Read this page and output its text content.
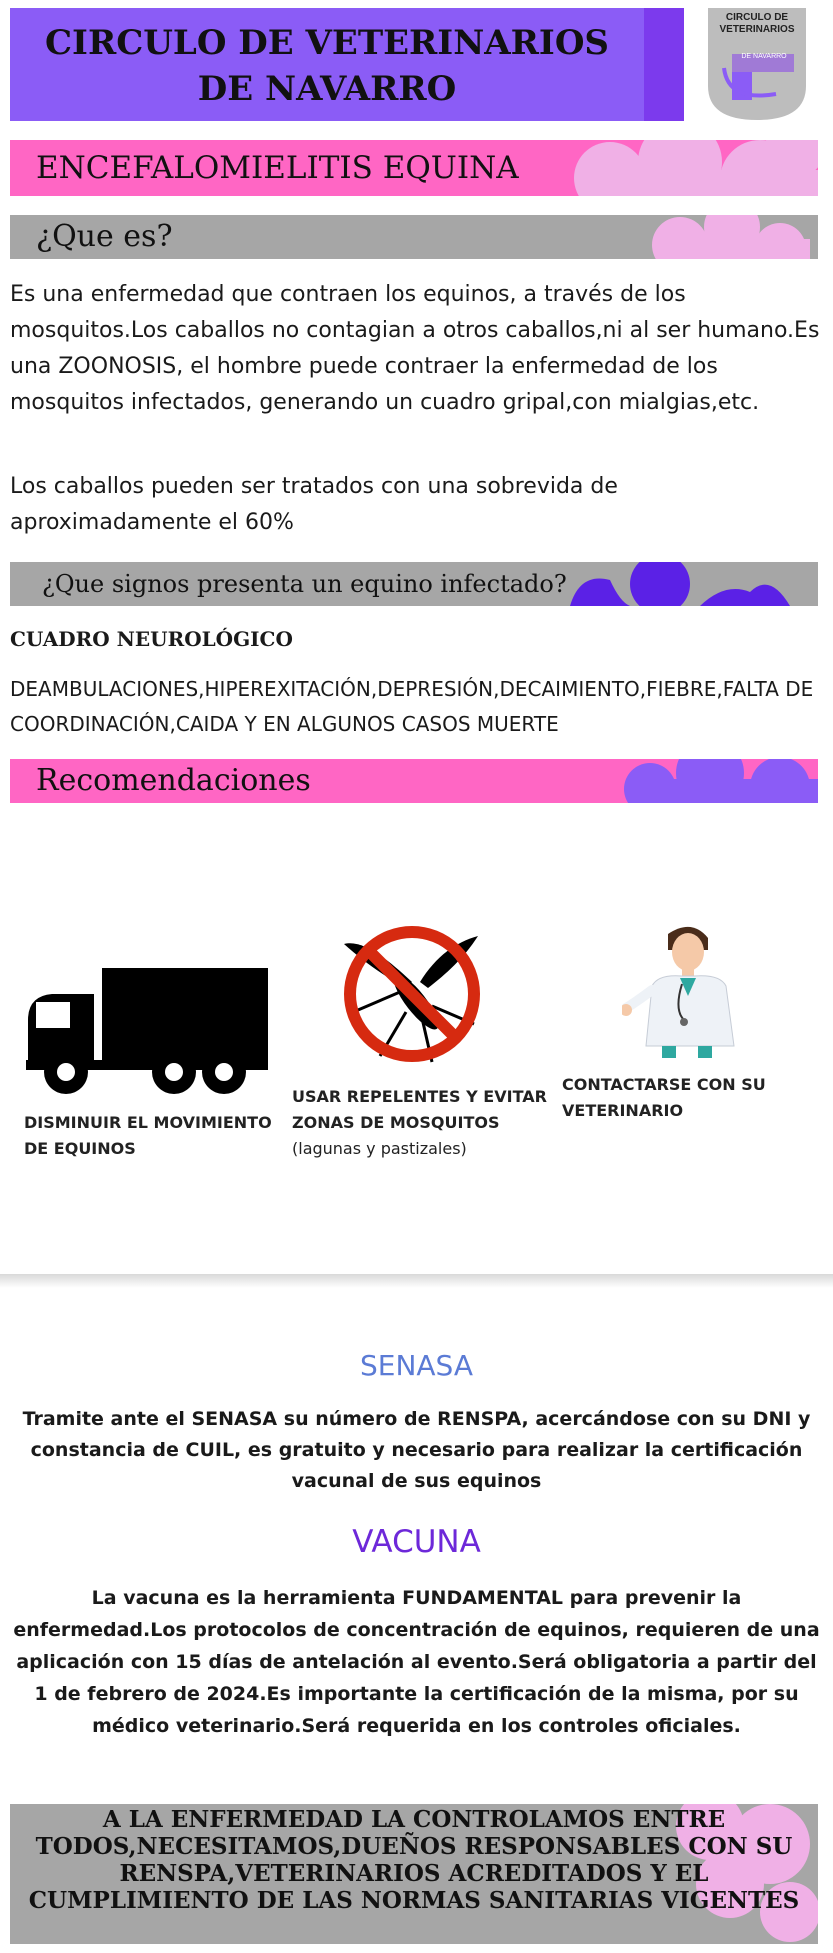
CIRCULO DE VETERINARIOS
DE NAVARRO
CIRCULO DE
VETERINARIOS
DE NAVARRO
ENCEFALOMIELITIS EQUINA
¿Que es?
Es una enfermedad que contraen los equinos, a través de los mosquitos.Los caballos no contagian a otros caballos,ni al ser humano.Es una ZOONOSIS, el hombre puede contraer la enfermedad de los mosquitos infectados, generando un cuadro gripal,con mialgias,etc.
Los caballos pueden ser tratados con una sobrevida de aproximadamente el 60%
¿Que signos presenta un equino infectado?
CUADRO NEUROLÓGICO
DEAMBULACIONES,HIPEREXITACIÓN,DEPRESIÓN,DECAIMIENTO,FIEBRE,FALTA DE COORDINACIÓN,CAIDA Y EN ALGUNOS CASOS MUERTE
Recomendaciones
DISMINUIR EL MOVIMIENTO
DE EQUINOS
USAR REPELENTES Y EVITAR
ZONAS DE MOSQUITOS
(lagunas y pastizales)
CONTACTARSE CON SU
VETERINARIO
SENASA
Tramite ante el SENASA su número de RENSPA, acercándose con su DNI y constancia de CUIL, es gratuito y necesario para realizar la certificación vacunal de sus equinos
VACUNA
La vacuna es la herramienta FUNDAMENTAL para prevenir la enfermedad.Los protocolos de concentración de equinos, requieren de una aplicación con 15 días de antelación al evento.Será obligatoria a partir del 1 de febrero de 2024.Es importante la certificación de la misma, por su médico veterinario.Será requerida en los controles oficiales.
A LA ENFERMEDAD LA CONTROLAMOS ENTRE TODOS,NECESITAMOS,DUEÑOS RESPONSABLES CON SU RENSPA,VETERINARIOS ACREDITADOS Y EL CUMPLIMIENTO DE LAS NORMAS SANITARIAS VIGENTES
